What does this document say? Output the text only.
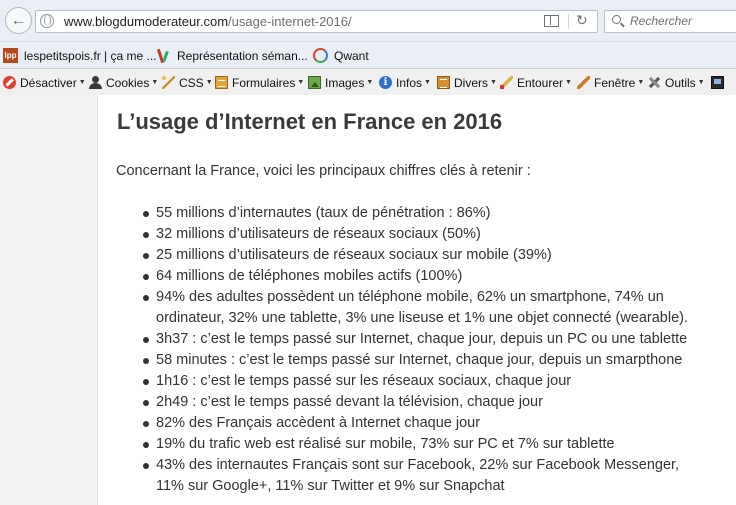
←	www.blogdumoderateur.com/usage-internet-2016/	↻	Rechercher
lpp lespetitspois.fr | ça me ... Représentation séman... Qwant
Désactiver ▼ Cookies ▼ CSS ▼ Formulaires ▼ Images ▼	i Infos ▼ Divers ▼ Entourer ▼ Fenêtre ▼ Outils ▼
L’usage d’Internet en France en 2016

Concernant la France, voici les principaux chiffres clés à retenir :

55 millions d’internautes (taux de pénétration : 86%)
32 millions d’utilisateurs de réseaux sociaux (50%)
25 millions d’utilisateurs de réseaux sociaux sur mobile (39%)
64 millions de téléphones mobiles actifs (100%)
94% des adultes possèdent un téléphone mobile, 62% un smartphone, 74% un
ordinateur, 32% une tablette, 3% une liseuse et 1% une objet connecté (wearable).
3h37 : c’est le temps passé sur Internet, chaque jour, depuis un PC ou une tablette
58 minutes : c’est le temps passé sur Internet, chaque jour, depuis un smarpthone
1h16 : c’est le temps passé sur les réseaux sociaux, chaque jour
2h49 : c’est le temps passé devant la télévision, chaque jour
82% des Français accèdent à Internet chaque jour
19% du trafic web est réalisé sur mobile, 73% sur PC et 7% sur tablette
43% des internautes Français sont sur Facebook, 22% sur Facebook Messenger,
11% sur Google+, 11% sur Twitter et 9% sur Snapchat
